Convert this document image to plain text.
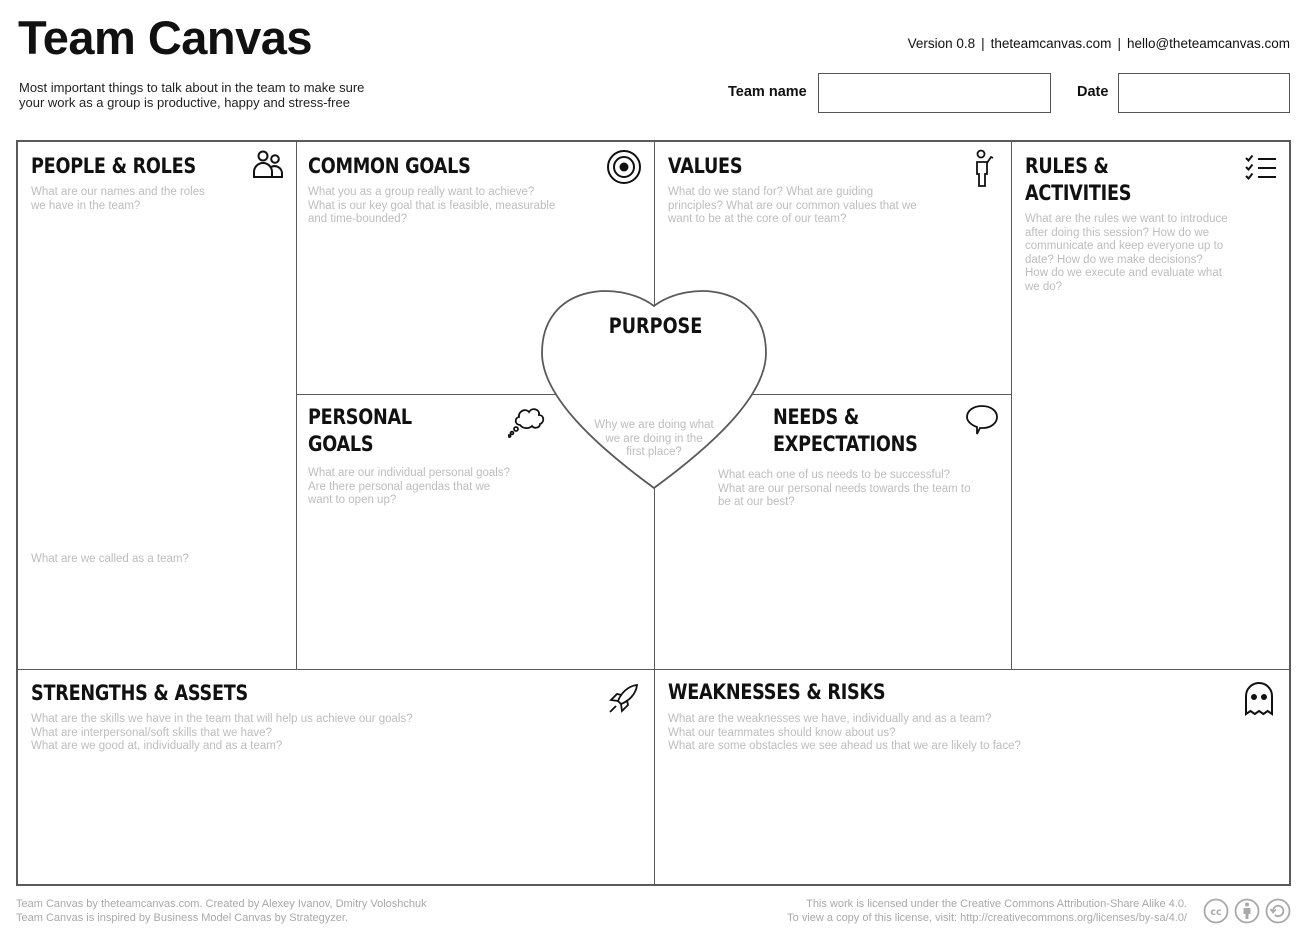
Team Canvas
Most important things to talk about in the team to make sure
your work as a group is productive, happy and stress-free
Version 0.8 | theteamcanvas.com | hello@theteamcanvas.com
Team name	Date
PEOPLE & ROLES
What are our names and the roles
we have in the team?
What are we called as a team?
COMMON GOALS
What you as a group really want to achieve?
What is our key goal that is feasible, measurable
and time-bounded?
VALUES
What do we stand for? What are guiding
principles? What are our common values that we
want to be at the core of our team?
RULES &
ACTIVITIES
What are the rules we want to introduce
after doing this session? How do we
communicate and keep everyone up to
date? How do we make decisions?
How do we execute and evaluate what
we do?
PERSONAL
GOALS
What are our individual personal goals?
Are there personal agendas that we
want to open up?
NEEDS &
EXPECTATIONS
What each one of us needs to be successful?
What are our personal needs towards the team to
be at our best?
STRENGTHS & ASSETS
What are the skills we have in the team that will help us achieve our goals?
What are interpersonal/soft skills that we have?
What are we good at, individually and as a team?
WEAKNESSES & RISKS
What are the weaknesses we have, individually and as a team?
What our teammates should know about us?
What are some obstacles we see ahead us that we are likely to face?
PURPOSE
Why we are doing what
we are doing in the
first place?
Team Canvas by theteamcanvas.com. Created by Alexey Ivanov, Dmitry Voloshchuk
Team Canvas is inspired by Business Model Canvas by Strategyzer.
This work is licensed under the Creative Commons Attribution-Share Alike 4.0.
To view a copy of this license, visit: http://creativecommons.org/licenses/by-sa/4.0/ cc
